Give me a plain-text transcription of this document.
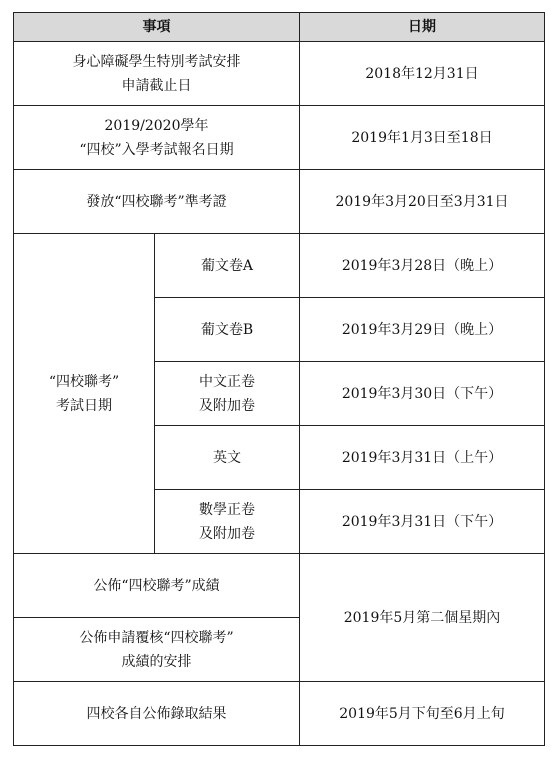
事項		日期

身心障礙學生特別考試安排
申請截止日		2018年12月31日

2019/2020學年
“四校”入學考試報名日期		2019年1月3日至18日
發放“四校聯考”準考證		2019年3月20日至3月31日

“四校聯考”
考試日期	葡文卷A	2019年3月28日（晚上）
	葡文卷B	2019年3月29日（晚上）

	中文正卷
及附加卷	2019年3月30日（下午）
	英文	2019年3月31日（上午）

	數學正卷
及附加卷	2019年3月31日（下午）
公佈“四校聯考”成績		2019年5月第二個星期內

公佈申請覆核“四校聯考”
成績的安排		

四校各自公佈錄取結果		2019年5月下旬至6月上旬
